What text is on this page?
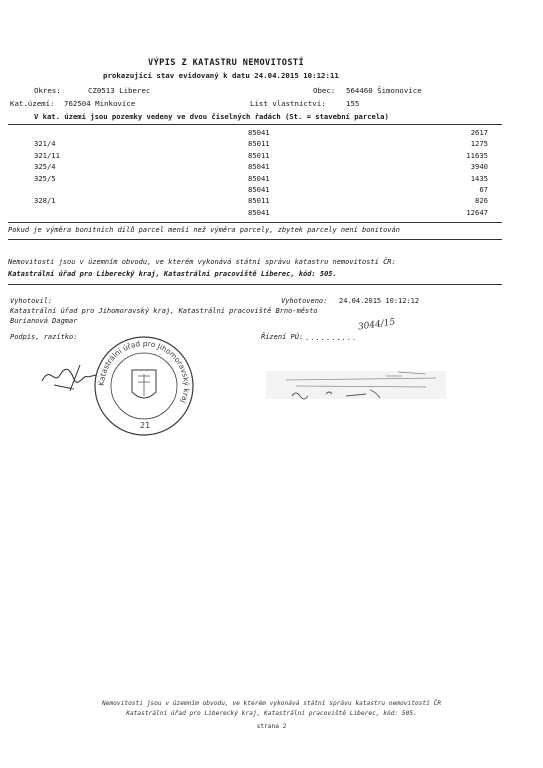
VÝPIS Z KATASTRU NEMOVITOSTÍ
prokazující stav evidovaný k datu 24.04.2015 10:12:11
Okres:	CZ0513 Liberec	Obec: 564460 Šimonovice
Kat.území: 762504 Minkovice	List vlastnictví:	155
V kat. území jsou pozemky vedeny ve dvou číselných řadách (St. = stavební parcela)
	85041	2617
321/4	85011	1275
321/11	85011	11635
325/4	85041	3940
325/5	85041	1435
	85041	67
328/1	85011	826
	85041	12647
Pokud je výměra bonitních dílů parcel menší než výměra parcely, zbytek parcely není bonitován
Nemovitosti jsou v územním obvodu, ve kterém vykonává státní správu katastru nemovitostí ČR:
Katastrální úřad pro Liberecký kraj, Katastrální pracoviště Liberec, kód: 505.
Vyhotovil:
Katastrální úřad pro Jihomoravský kraj, Katastrální pracoviště Brno-město
Burianová Dagmar
Vyhotoveno: 24.04.2015 10:12:12
Podpis, razítko:	Řízení PÚ: ..........
3044/15
Katastrální úřad pro Jihomoravský kraj
21
Nemovitosti jsou v územním obvodu, ve kterém vykonává státní správu katastru nemovitostí ČR
Katastrální úřad pro Liberecký kraj, Katastrální pracoviště Liberec, kód: 505.
strana 2
